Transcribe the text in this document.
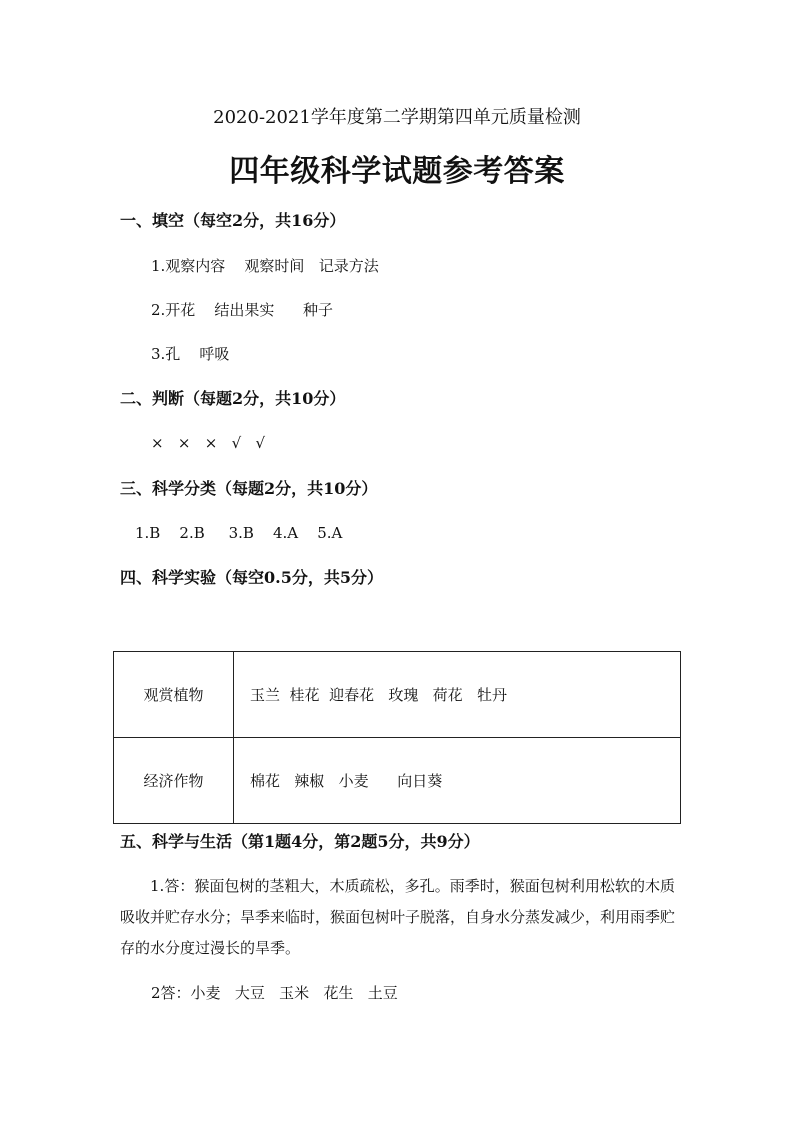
2020-2021学年度第二学期第四单元质量检测
四年级科学试题参考答案
一、填空（每空2分，共16分）
1.观察内容    观察时间   记录方法
2.开花    结出果实      种子
3.孔    呼吸
二、判断（每题2分，共10分）
×   ×   ×   √   √
三、科学分类（每题2分，共10分）
1.B    2.B     3.B    4.A    5.A
四、科学实验（每空0.5分，共5分）
观赏植物	玉兰  桂花  迎春花   玫瑰   荷花   牡丹
经济作物	棉花   辣椒   小麦      向日葵
五、科学与生活（第1题4分，第2题5分，共9分）
1.答：猴面包树的茎粗大，木质疏松，多孔。雨季时，猴面包树利用松软的木质吸收并贮存水分；旱季来临时，猴面包树叶子脱落，自身水分蒸发减少，利用雨季贮存的水分度过漫长的旱季。
2答：小麦   大豆   玉米   花生   土豆
